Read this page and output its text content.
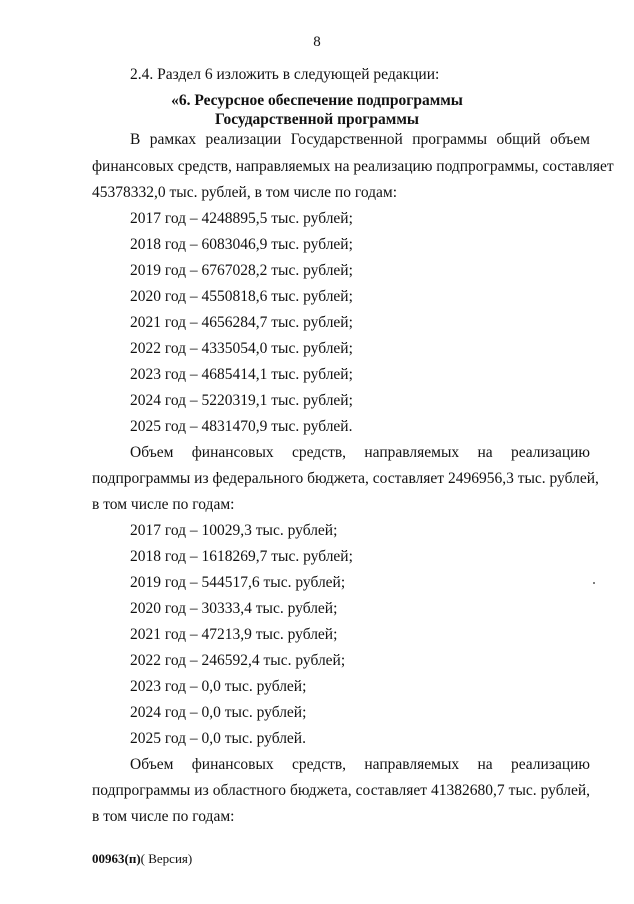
8
2.4. Раздел 6 изложить в следующей редакции:
«6. Ресурсное обеспечение подпрограммы
Государственной программы
В рамках реализации Государственной программы общий объем
финансовых средств, направляемых на реализацию подпрограммы, составляет
45378332,0 тыс. рублей, в том числе по годам:
2017 год – 4248895,5 тыс. рублей;
2018 год – 6083046,9 тыс. рублей;
2019 год – 6767028,2 тыс. рублей;
2020 год – 4550818,6 тыс. рублей;
2021 год – 4656284,7 тыс. рублей;
2022 год – 4335054,0 тыс. рублей;
2023 год – 4685414,1 тыс. рублей;
2024 год – 5220319,1 тыс. рублей;
2025 год – 4831470,9 тыс. рублей.
Объем финансовых средств, направляемых на реализацию
подпрограммы из федерального бюджета, составляет 2496956,3 тыс. рублей,
в том числе по годам:
2017 год – 10029,3 тыс. рублей;
2018 год – 1618269,7 тыс. рублей;
2019 год – 544517,6 тыс. рублей;
2020 год – 30333,4 тыс. рублей;
2021 год – 47213,9 тыс. рублей;
2022 год – 246592,4 тыс. рублей;
2023 год – 0,0 тыс. рублей;
2024 год – 0,0 тыс. рублей;
2025 год – 0,0 тыс. рублей.
Объем финансовых средств, направляемых на реализацию
подпрограммы из областного бюджета, составляет 41382680,7 тыс. рублей,
в том числе по годам:
00963(п)( Версия)
